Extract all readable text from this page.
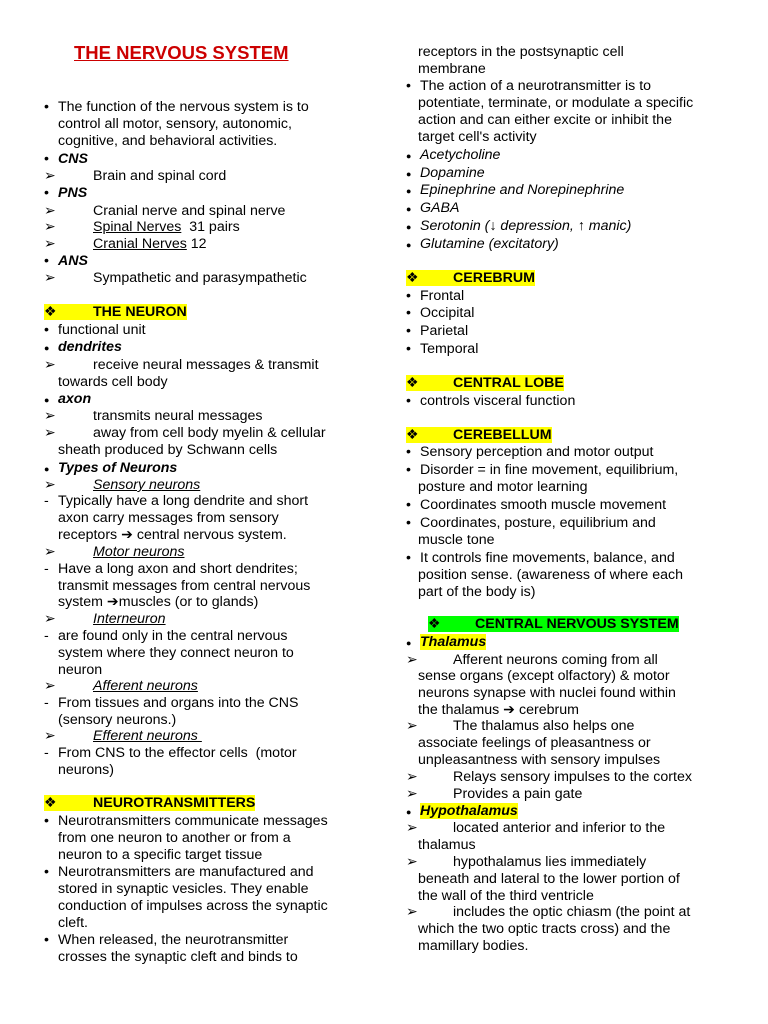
THE NERVOUS SYSTEM
• The function of the nervous system is to
control all motor, sensory, autonomic,
cognitive, and behavioral activities.
• CNS
➢	Brain and spinal cord
• PNS
➢	Cranial nerve and spinal nerve
➢	Spinal Nerves  31 pairs
➢	Cranial Nerves 12
• ANS
➢	Sympathetic and parasympathetic
❖	THE NEURON
• functional unit
● dendrites
➢	receive neural messages & transmit
towards cell body
● axon
➢	transmits neural messages
➢	away from cell body myelin & cellular
sheath produced by Schwann cells
● Types of Neurons
➢	Sensory neurons
- Typically have a long dendrite and short
axon carry messages from sensory
receptors ➔ central nervous system.
➢	Motor neurons
- Have a long axon and short dendrites;
transmit messages from central nervous
system ➔muscles (or to glands)
➢	Interneuron
- are found only in the central nervous
system where they connect neuron to
neuron
➢	Afferent neurons
- From tissues and organs into the CNS
(sensory neurons.)
➢	Efferent neurons
- From CNS to the effector cells  (motor
neurons)
❖	NEUROTRANSMITTERS
• Neurotransmitters communicate messages
from one neuron to another or from a
neuron to a specific target tissue
• Neurotransmitters are manufactured and
stored in synaptic vesicles. They enable
conduction of impulses across the synaptic
cleft.
• When released, the neurotransmitter
crosses the synaptic cleft and binds to
receptors in the postsynaptic cell
membrane
• The action of a neurotransmitter is to
potentiate, terminate, or modulate a specific
action and can either excite or inhibit the
target cell's activity
● Acetycholine
● Dopamine
● Epinephrine and Norepinephrine
● GABA
● Serotonin (↓ depression, ↑ manic)
● Glutamine (excitatory)
❖ CEREBRUM
• Frontal
• Occipital
• Parietal
• Temporal
❖ CENTRAL LOBE
• controls visceral function
❖ CEREBELLUM
• Sensory perception and motor output
• Disorder = in fine movement, equilibrium,
posture and motor learning
• Coordinates smooth muscle movement
• Coordinates, posture, equilibrium and
muscle tone
• It controls fine movements, balance, and
position sense. (awareness of where each
part of the body is)
❖ CENTRAL NERVOUS SYSTEM
● Thalamus
➢ Afferent neurons coming from all
sense organs (except olfactory) & motor
neurons synapse with nuclei found within
the thalamus ➔ cerebrum
➢ The thalamus also helps one
associate feelings of pleasantness or
unpleasantness with sensory impulses
➢ Relays sensory impulses to the cortex
➢ Provides a pain gate
● Hypothalamus
➢ located anterior and inferior to the
thalamus
➢ hypothalamus lies immediately
beneath and lateral to the lower portion of
the wall of the third ventricle
➢ includes the optic chiasm (the point at
which the two optic tracts cross) and the
mamillary bodies.
